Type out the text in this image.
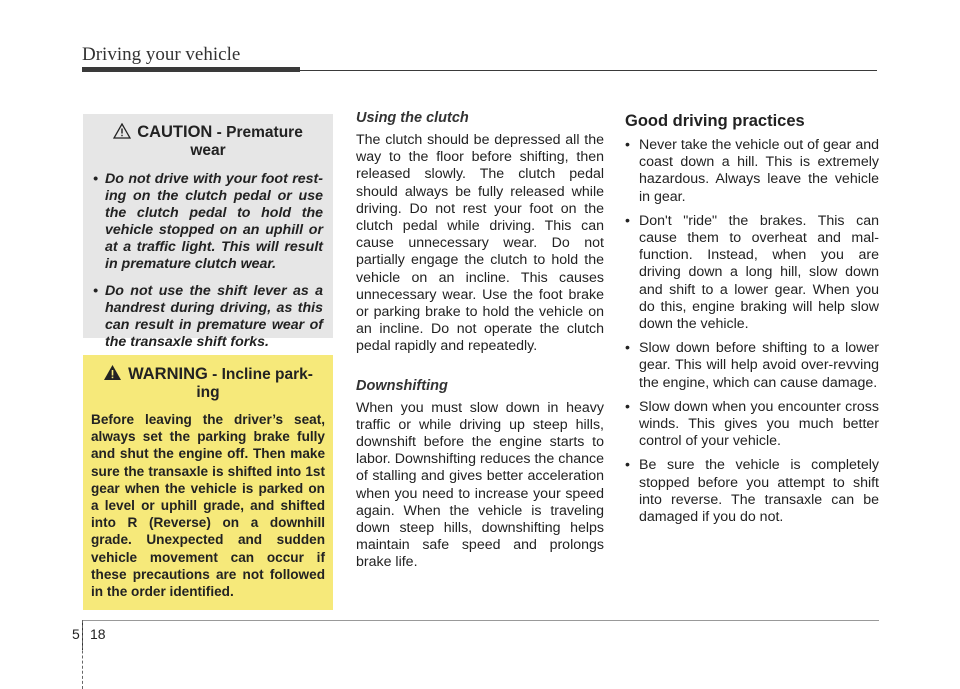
Driving your vehicle
CAUTION - Premature
wear
• Do not drive with your foot rest-ing on the clutch pedal or use the clutch pedal to hold the vehicle stopped on an uphill or at a traffic light. This will result in premature clutch wear.
• Do not use the shift lever as a handrest during driving, as this can result in premature wear of the transaxle shift forks.
WARNING - Incline park-
ing
Before leaving the driver’s seat, always set the parking brake fully and shut the engine off. Then make sure the transaxle is shifted into 1st gear when the vehicle is parked on a level or uphill grade, and shifted into R (Reverse) on a downhill grade. Unexpected and sudden vehicle movement can occur if these precautions are not followed in the order identified.
Using the clutch

The clutch should be depressed all the way to the floor before shifting, then released slowly. The clutch pedal should always be fully released while driving. Do not rest your foot on the clutch pedal while driving. This can cause unnecessary wear. Do not partially engage the clutch to hold the vehicle on an incline. This causes unnecessary wear. Use the foot brake or parking brake to hold the vehicle on an incline. Do not operate the clutch pedal rapidly and repeatedly.

Downshifting

When you must slow down in heavy traffic or while driving up steep hills, downshift before the engine starts to labor. Downshifting reduces the chance of stalling and gives better acceleration when you need to increase your speed again. When the vehicle is traveling down steep hills, downshifting helps maintain safe speed and prolongs brake life.

Good driving practices
• Never take the vehicle out of gear and coast down a hill. This is extremely hazardous. Always leave the vehicle in gear.
• Don't "ride" the brakes. This can cause them to overheat and mal-function. Instead, when you are driving down a long hill, slow down and shift to a lower gear. When you do this, engine braking will help slow down the vehicle.
• Slow down before shifting to a lower gear. This will help avoid over-revving the engine, which can cause damage.
• Slow down when you encounter cross winds. This gives you much better control of your vehicle.
• Be sure the vehicle is completely stopped before you attempt to shift into reverse. The transaxle can be damaged if you do not.
5 18
